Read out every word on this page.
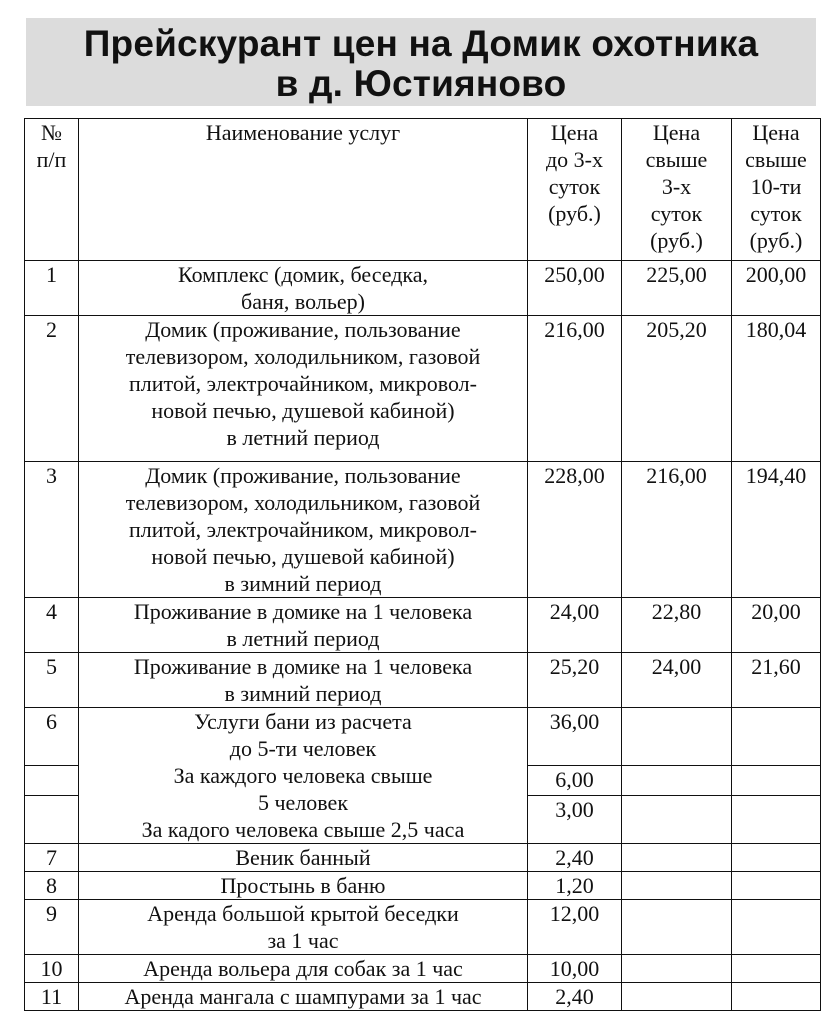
Прейскурант цен на Домик охотника
в д. Юстияново
№
п/п	Наименование услуг	Цена
до 3-х
суток
(руб.)	Цена
свыше
3-х
суток
(руб.)	Цена
свыше
10-ти
суток
(руб.)
1	Комплекс (домик, беседка,
баня, вольер)	250,00	225,00	200,00
2	Домик (проживание, пользование
телевизором, холодильником, газовой
плитой, электрочайником, микровол-
новой печью, душевой кабиной)
в летний период	216,00	205,20	180,04
3	Домик (проживание, пользование
телевизором, холодильником, газовой
плитой, электрочайником, микровол-
новой печью, душевой кабиной)
в зимний период	228,00	216,00	194,40
4	Проживание в домике на 1 человека
в летний период	24,00	22,80	20,00
5	Проживание в домике на 1 человека
в зимний период	25,20	24,00	21,60
6	Услуги бани из расчета
до 5-ти человек
За каждого человека свыше
5 человек
За кадого человека свыше 2,5 часа	36,00		
		6,00		
		3,00		
7	Веник банный	2,40		
8	Простынь в баню	1,20		
9	Аренда большой крытой беседки
за 1 час	12,00		
10	Аренда вольера для собак за 1 час	10,00		
11	Аренда мангала с шампурами за 1 час	2,40		
